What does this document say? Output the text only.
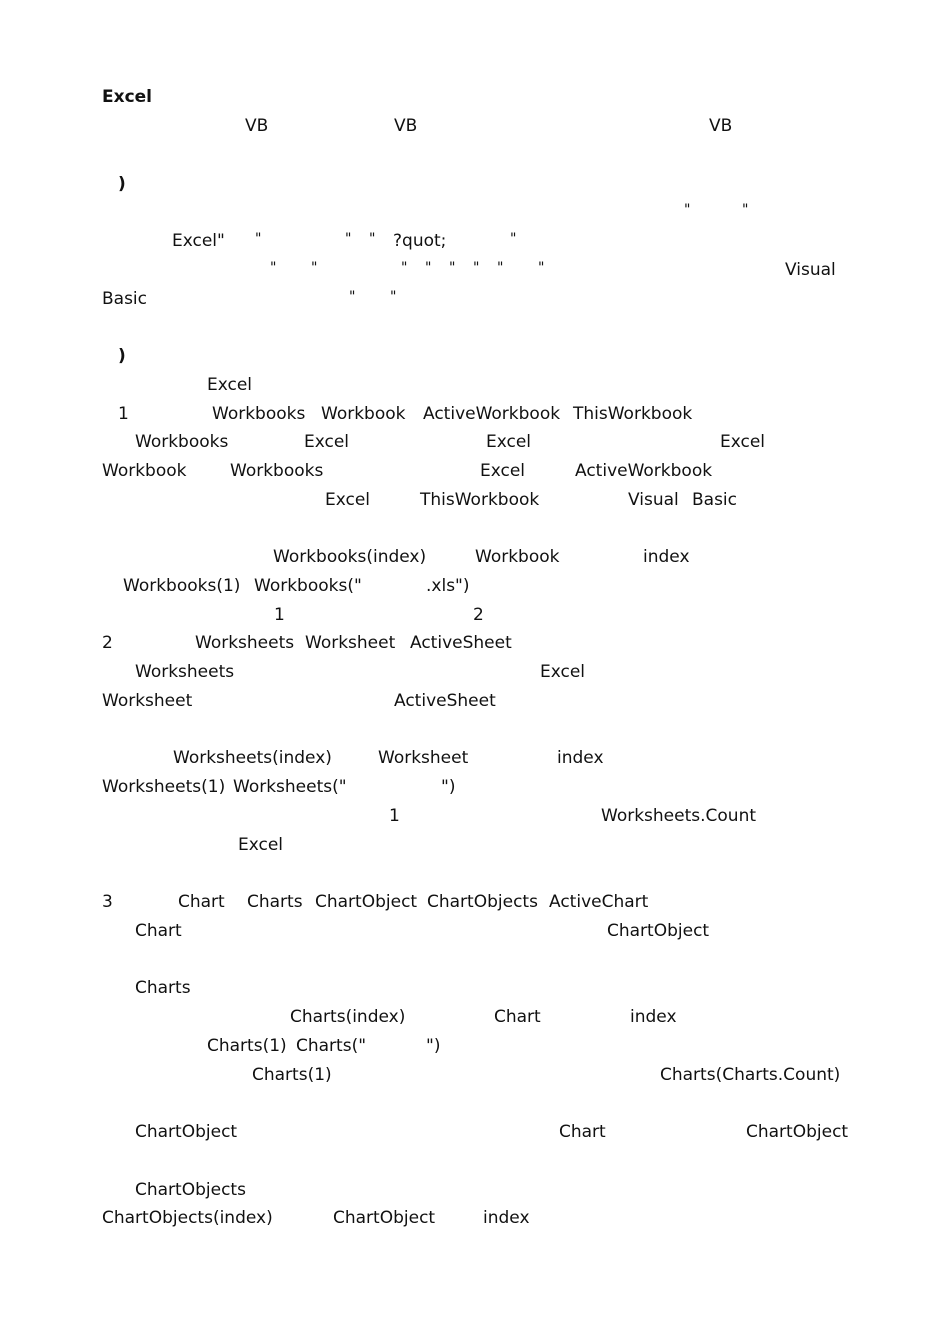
Excel
VB	VB	VB
)
"	"
Excel" "	" " ?quot;	"
" "	" " " " " "	Visual
Basic	" "
)
Excel
1	Workbooks Workbook ActiveWorkbook ThisWorkbook
Workbooks	Excel	Excel	Excel
Workbook	Workbooks	Excel	ActiveWorkbook
Excel	ThisWorkbook	Visual Basic
Workbooks(index)	Workbook	index
Workbooks(1) Workbooks("	.xls")
1	2
2	Worksheets Worksheet ActiveSheet
Worksheets	Excel
Worksheet	ActiveSheet
Worksheets(index)	Worksheet	index
Worksheets(1) Worksheets("	")
1	Worksheets.Count
Excel
3	Chart Charts ChartObject ChartObjects ActiveChart
Chart	ChartObject
Charts
Charts(index)	Chart	index
Charts(1) Charts("	")
Charts(1)	Charts(Charts.Count)
ChartObject	Chart	ChartObject
ChartObjects
ChartObjects(index)	ChartObject	index
